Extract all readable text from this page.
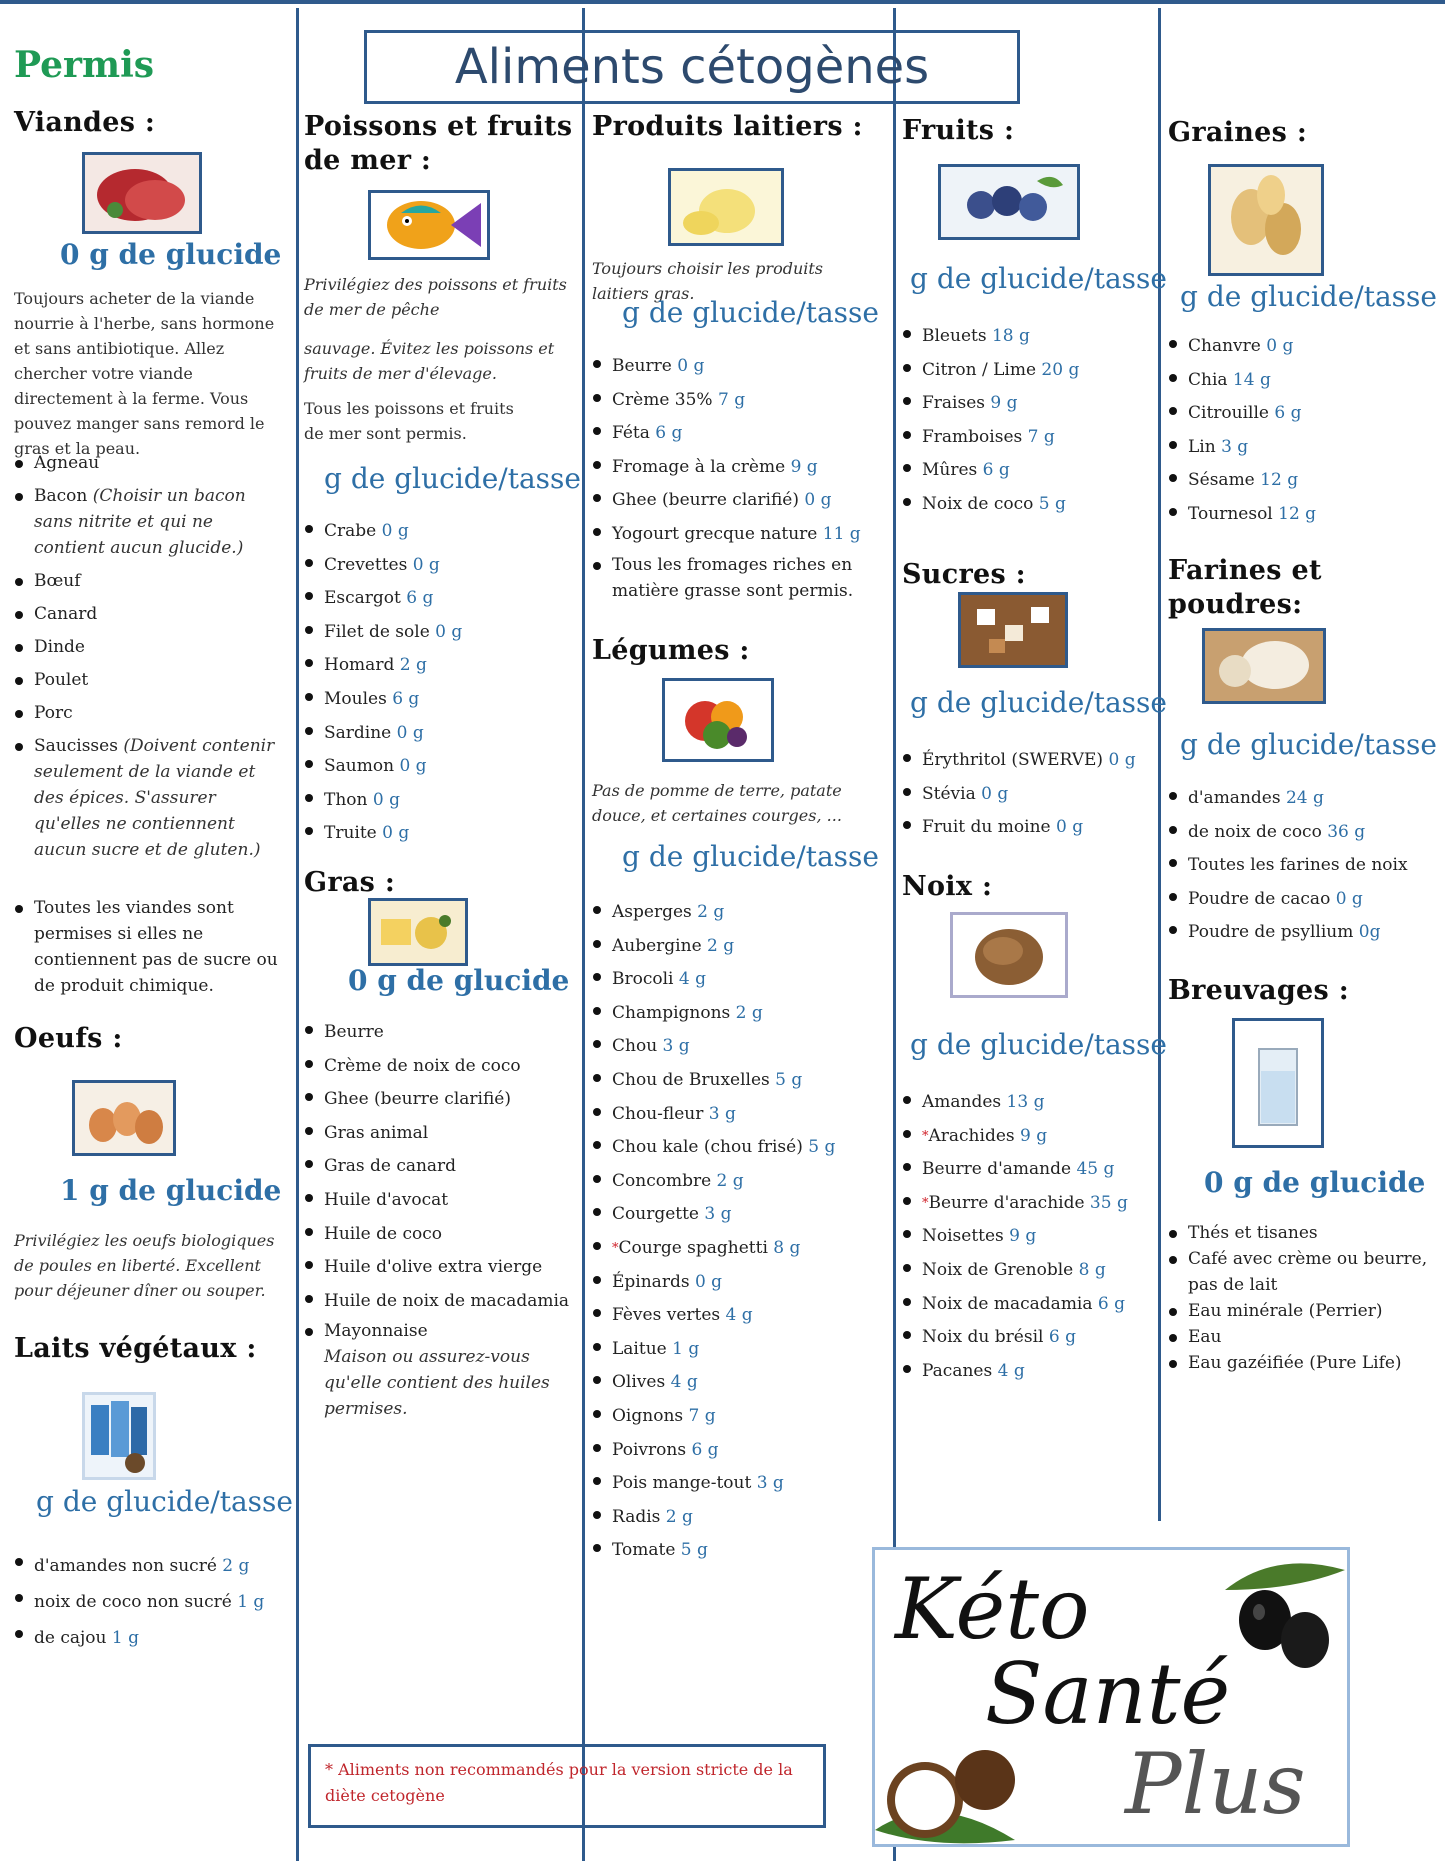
Aliments cétogènes
Permis
Viandes :
0 g de glucide
Toujours acheter de la viande nourrie à l'herbe, sans hormone et sans antibiotique. Allez chercher votre viande directement à la ferme. Vous pouvez manger sans remord le gras et la peau.
Agneau
Bacon (Choisir un bacon sans nitrite et qui ne contient aucun glucide.)
Bœuf
Canard
Dinde
Poulet
Porc
Saucisses (Doivent contenir seulement de la viande et des épices. S'assurer qu'elles ne contiennent aucun sucre et de gluten.)
Toutes les viandes sont permises si elles ne contiennent pas de sucre ou de produit chimique.
Oeufs :
1 g de glucide
Privilégiez les oeufs biologiques de poules en liberté. Excellent pour déjeuner dîner ou souper.
Laits végétaux :
g de glucide/tasse
d'amandes non sucré 2 g
noix de coco non sucré 1 g
de cajou 1 g
Poissons et fruits de mer :
Privilégiez des poissons et fruits de mer de pêche
sauvage. Évitez les poissons et fruits de mer d'élevage.
Tous les poissons et fruits de mer sont permis.
g de glucide/tasse
Crabe 0 g
Crevettes 0 g
Escargot 6 g
Filet de sole 0 g
Homard 2 g
Moules 6 g
Sardine 0 g
Saumon 0 g
Thon 0 g
Truite 0 g
Gras :
0 g de glucide
Beurre
Crème de noix de coco
Ghee (beurre clarifié)
Gras animal
Gras de canard
Huile d'avocat
Huile de coco
Huile d'olive extra vierge
Huile de noix de macadamia
Mayonnaise
Maison ou assurez-vous qu'elle contient des huiles permises.
Produits laitiers :
Toujours choisir les produits laitiers gras.
g de glucide/tasse
Beurre 0 g
Crème 35% 7 g
Féta 6 g
Fromage à la crème 9 g
Ghee (beurre clarifié) 0 g
Yogourt grecque nature 11 g
Tous les fromages riches en matière grasse sont permis.
Légumes :
Pas de pomme de terre, patate douce, et certaines courges, ...
g de glucide/tasse
Asperges 2 g
Aubergine 2 g
Brocoli 4 g
Champignons 2 g
Chou 3 g
Chou de Bruxelles 5 g
Chou-fleur 3 g
Chou kale (chou frisé) 5 g
Concombre 2 g
Courgette 3 g
*Courge spaghetti 8 g
Épinards 0 g
Fèves vertes 4 g
Laitue 1 g
Olives 4 g
Oignons 7 g
Poivrons 6 g
Pois mange-tout 3 g
Radis 2 g
Tomate 5 g
Fruits :
g de glucide/tasse
Bleuets 18 g
Citron / Lime 20 g
Fraises 9 g
Framboises 7 g
Mûres 6 g
Noix de coco 5 g
Sucres :
g de glucide/tasse
Érythritol (SWERVE) 0 g
Stévia 0 g
Fruit du moine 0 g
Noix :
g de glucide/tasse
Amandes 13 g
*Arachides 9 g
Beurre d'amande 45 g
*Beurre d'arachide 35 g
Noisettes 9 g
Noix de Grenoble 8 g
Noix de macadamia 6 g
Noix du brésil 6 g
Pacanes 4 g
Graines :
g de glucide/tasse
Chanvre 0 g
Chia 14 g
Citrouille 6 g
Lin 3 g
Sésame 12 g
Tournesol 12 g
Farines et poudres:
g de glucide/tasse
d'amandes 24 g
de noix de coco 36 g
Toutes les farines de noix
Poudre de cacao 0 g
Poudre de psyllium 0g
Breuvages :
0 g de glucide
Thés et tisanes
Café avec crème ou beurre, pas de lait
Eau minérale (Perrier)
Eau
Eau gazéifiée (Pure Life)
* Aliments non recommandés pour la version stricte de la diète cetogène
Kéto
Santé
Plus
